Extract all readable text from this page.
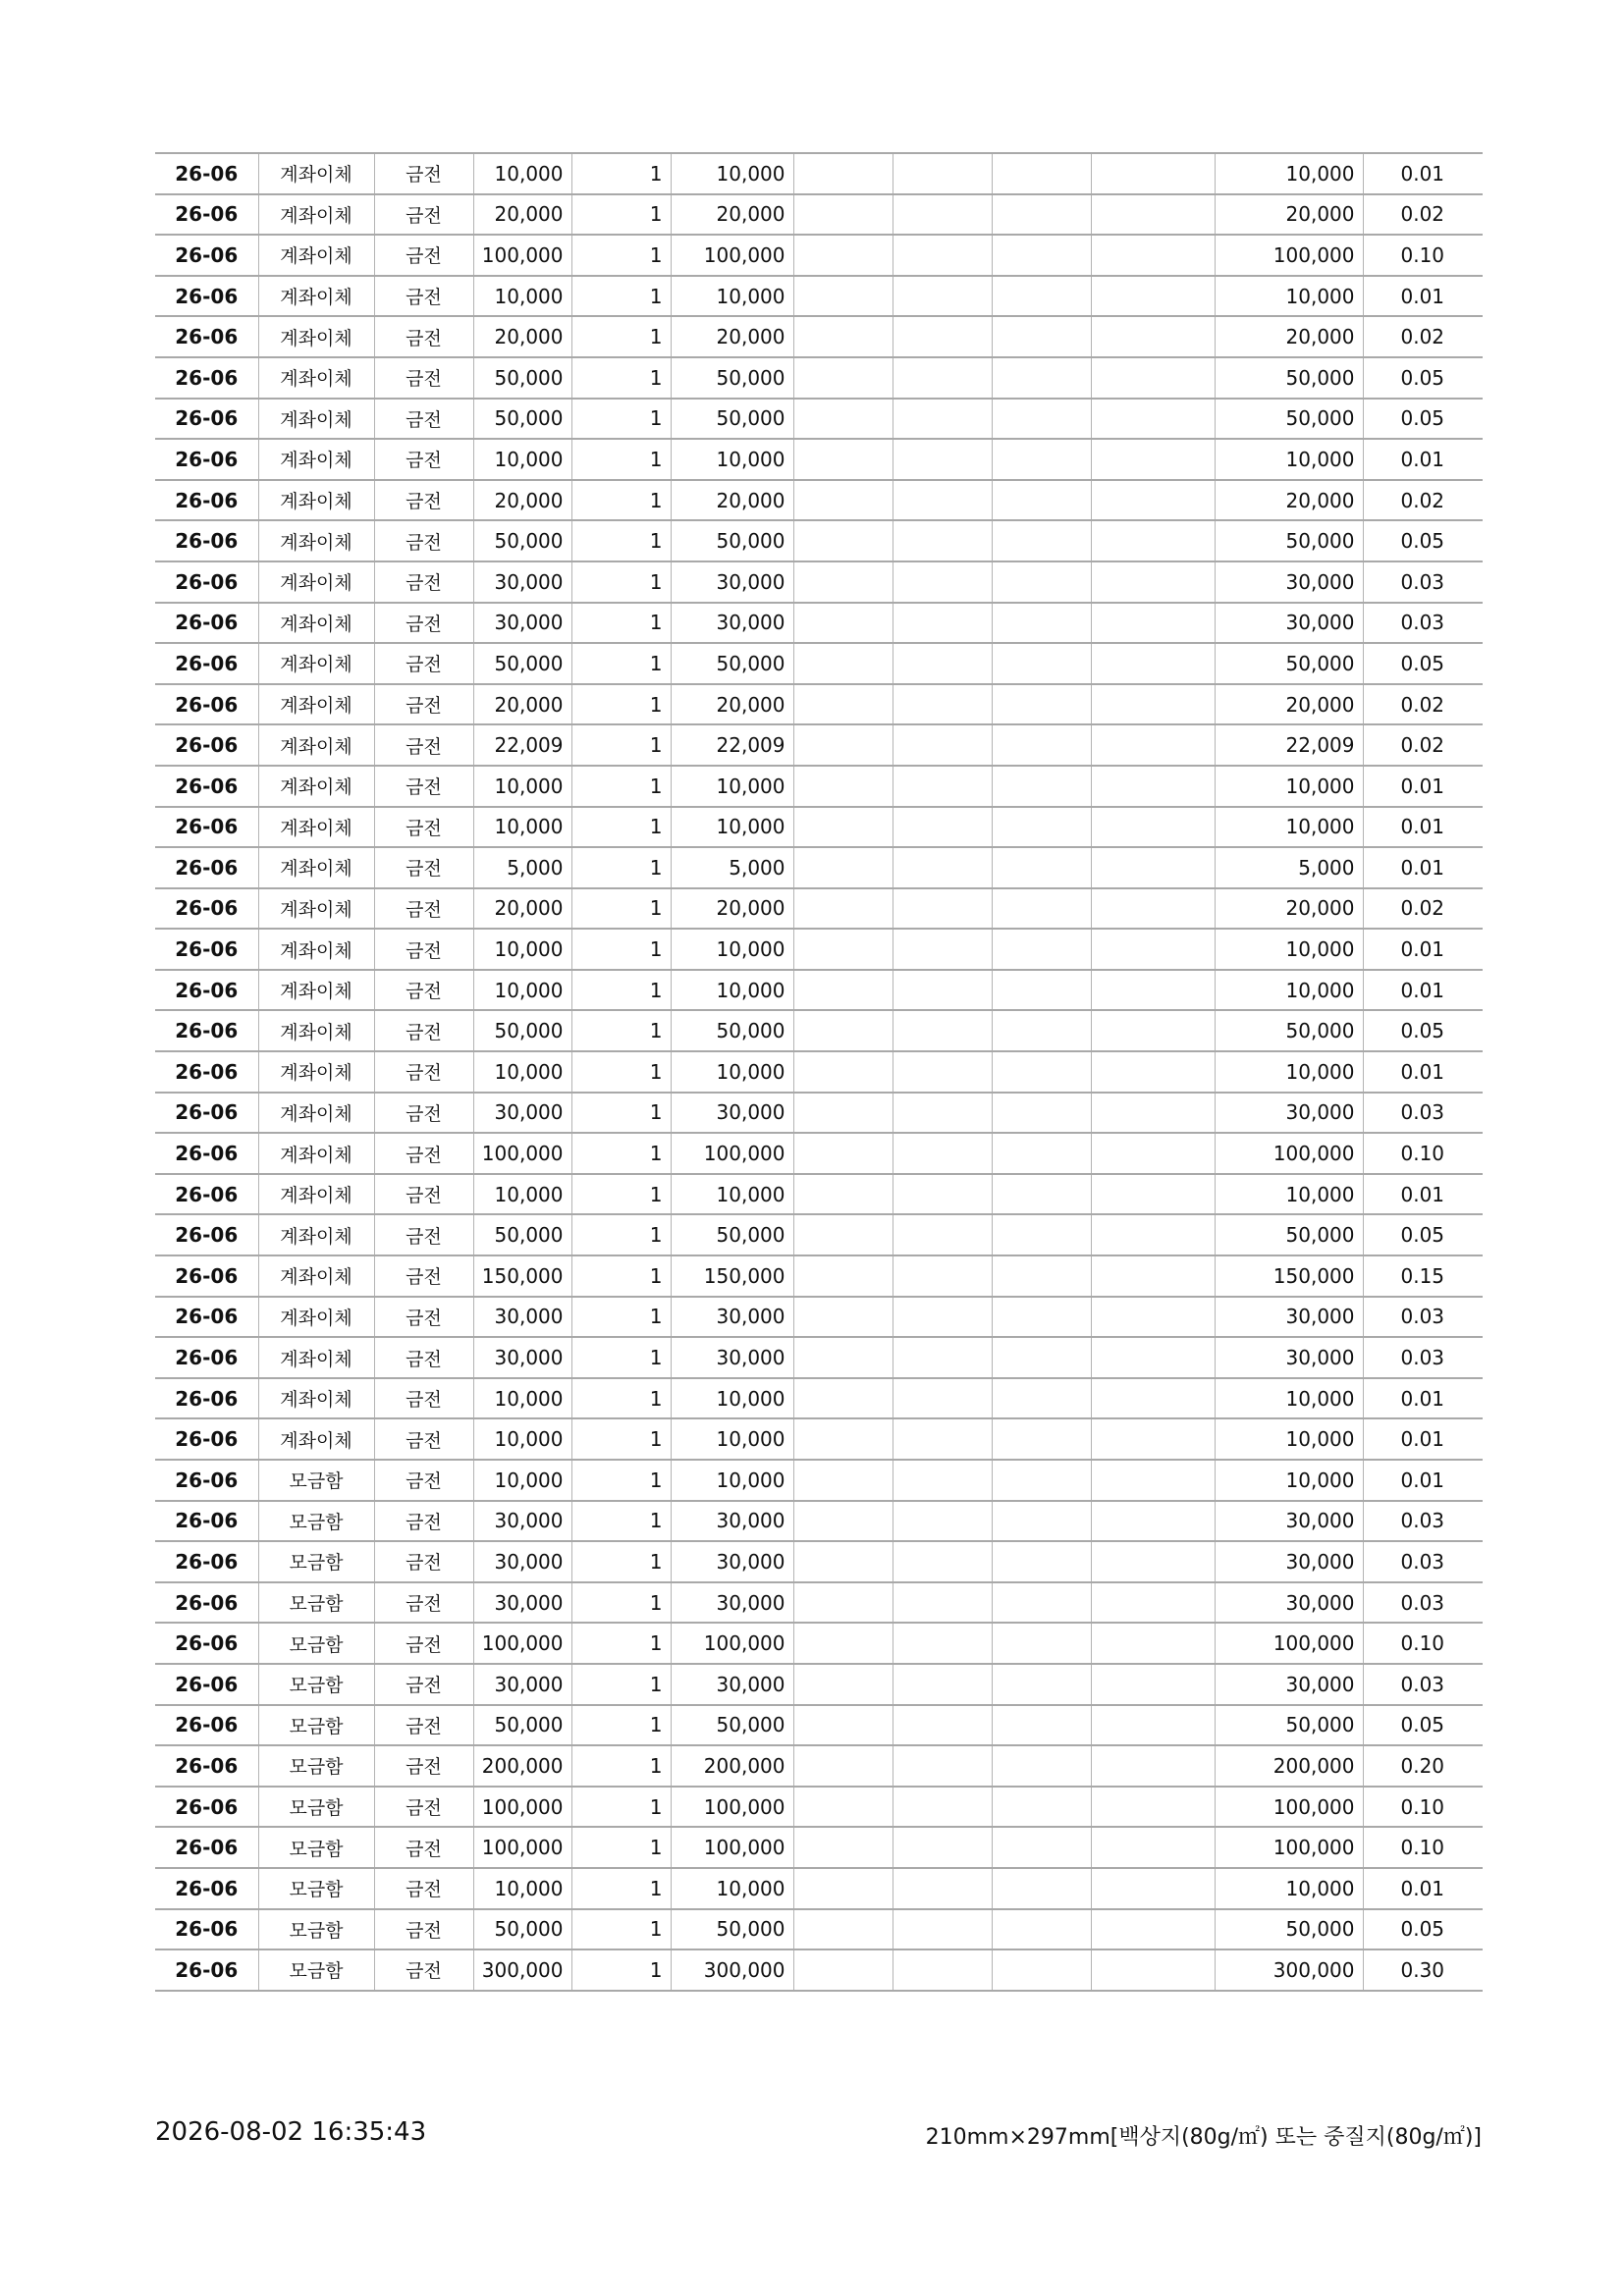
26-06	계좌이체	금전	10,000	1	10,000					10,000	0.01
26-06	계좌이체	금전	20,000	1	20,000					20,000	0.02
26-06	계좌이체	금전	100,000	1	100,000					100,000	0.10
26-06	계좌이체	금전	10,000	1	10,000					10,000	0.01
26-06	계좌이체	금전	20,000	1	20,000					20,000	0.02
26-06	계좌이체	금전	50,000	1	50,000					50,000	0.05
26-06	계좌이체	금전	50,000	1	50,000					50,000	0.05
26-06	계좌이체	금전	10,000	1	10,000					10,000	0.01
26-06	계좌이체	금전	20,000	1	20,000					20,000	0.02
26-06	계좌이체	금전	50,000	1	50,000					50,000	0.05
26-06	계좌이체	금전	30,000	1	30,000					30,000	0.03
26-06	계좌이체	금전	30,000	1	30,000					30,000	0.03
26-06	계좌이체	금전	50,000	1	50,000					50,000	0.05
26-06	계좌이체	금전	20,000	1	20,000					20,000	0.02
26-06	계좌이체	금전	22,009	1	22,009					22,009	0.02
26-06	계좌이체	금전	10,000	1	10,000					10,000	0.01
26-06	계좌이체	금전	10,000	1	10,000					10,000	0.01
26-06	계좌이체	금전	5,000	1	5,000					5,000	0.01
26-06	계좌이체	금전	20,000	1	20,000					20,000	0.02
26-06	계좌이체	금전	10,000	1	10,000					10,000	0.01
26-06	계좌이체	금전	10,000	1	10,000					10,000	0.01
26-06	계좌이체	금전	50,000	1	50,000					50,000	0.05
26-06	계좌이체	금전	10,000	1	10,000					10,000	0.01
26-06	계좌이체	금전	30,000	1	30,000					30,000	0.03
26-06	계좌이체	금전	100,000	1	100,000					100,000	0.10
26-06	계좌이체	금전	10,000	1	10,000					10,000	0.01
26-06	계좌이체	금전	50,000	1	50,000					50,000	0.05
26-06	계좌이체	금전	150,000	1	150,000					150,000	0.15
26-06	계좌이체	금전	30,000	1	30,000					30,000	0.03
26-06	계좌이체	금전	30,000	1	30,000					30,000	0.03
26-06	계좌이체	금전	10,000	1	10,000					10,000	0.01
26-06	계좌이체	금전	10,000	1	10,000					10,000	0.01
26-06	모금함	금전	10,000	1	10,000					10,000	0.01
26-06	모금함	금전	30,000	1	30,000					30,000	0.03
26-06	모금함	금전	30,000	1	30,000					30,000	0.03
26-06	모금함	금전	30,000	1	30,000					30,000	0.03
26-06	모금함	금전	100,000	1	100,000					100,000	0.10
26-06	모금함	금전	30,000	1	30,000					30,000	0.03
26-06	모금함	금전	50,000	1	50,000					50,000	0.05
26-06	모금함	금전	200,000	1	200,000					200,000	0.20
26-06	모금함	금전	100,000	1	100,000					100,000	0.10
26-06	모금함	금전	100,000	1	100,000					100,000	0.10
26-06	모금함	금전	10,000	1	10,000					10,000	0.01
26-06	모금함	금전	50,000	1	50,000					50,000	0.05
26-06	모금함	금전	300,000	1	300,000					300,000	0.30
2026-08-02 16:35:43	210mm×297mm[백상지(80g/㎡) 또는 중질지(80g/㎡)]
